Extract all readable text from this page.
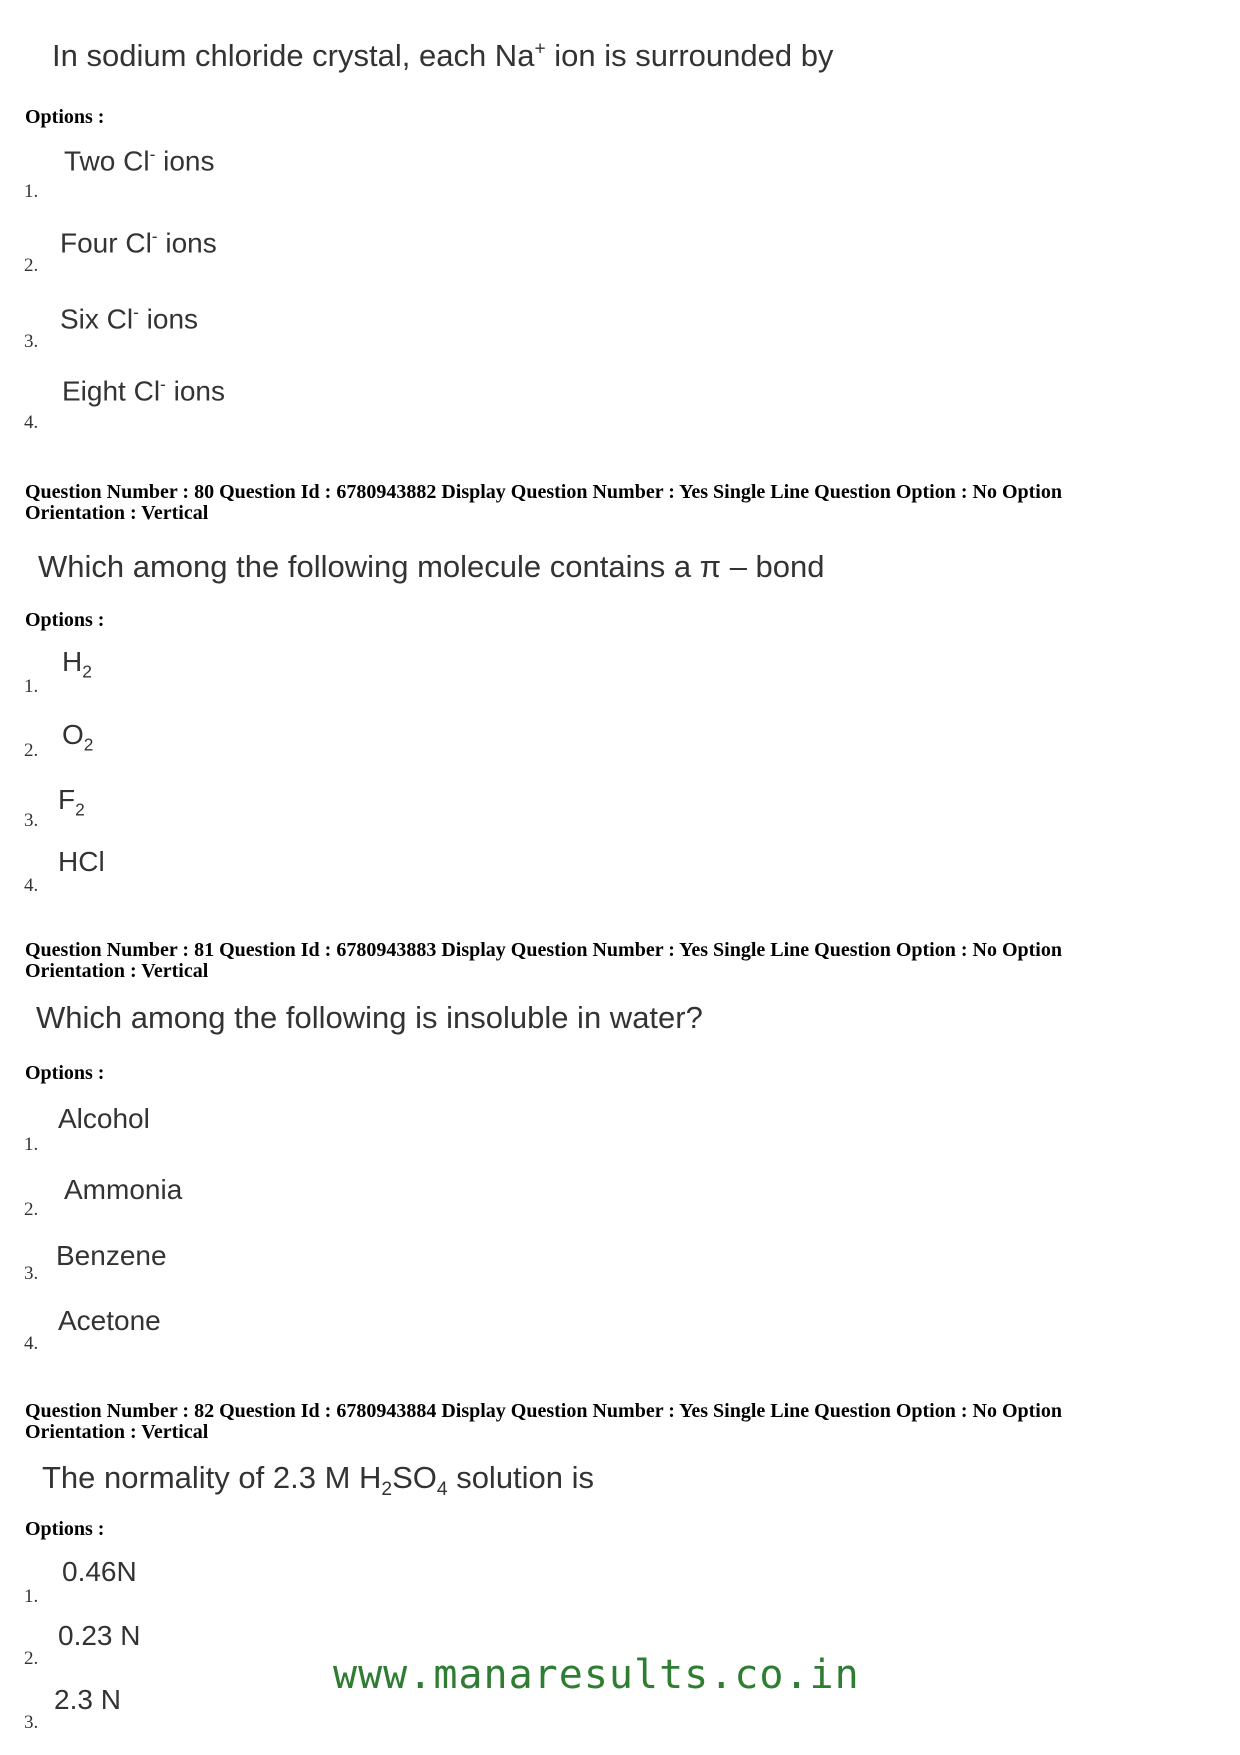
In sodium chloride crystal, each Na+ ion is surrounded by
Options :
Two Cl- ions
1.
Four Cl- ions
2.
Six Cl- ions
3.
Eight Cl- ions
4.
Question Number : 80 Question Id : 6780943882 Display Question Number : Yes Single Line Question Option : No Option
Orientation : Vertical
Which among the following molecule contains a π – bond
Options :
$H_2$
1.
$O_2$
2.
$F_2$
3.
HCl
4.
Question Number : 81 Question Id : 6780943883 Display Question Number : Yes Single Line Question Option : No Option
Orientation : Vertical
Which among the following is insoluble in water?
Options :
Alcohol
1.
Ammonia
2.
Benzene
3.
Acetone
4.
Question Number : 82 Question Id : 6780943884 Display Question Number : Yes Single Line Question Option : No Option
Orientation : Vertical
The normality of 2.3 M $H_2SO_4$ solution is
Options :
0.46N
1.
0.23 N
2.
2.3 N
3.
www.manaresults.co.in
